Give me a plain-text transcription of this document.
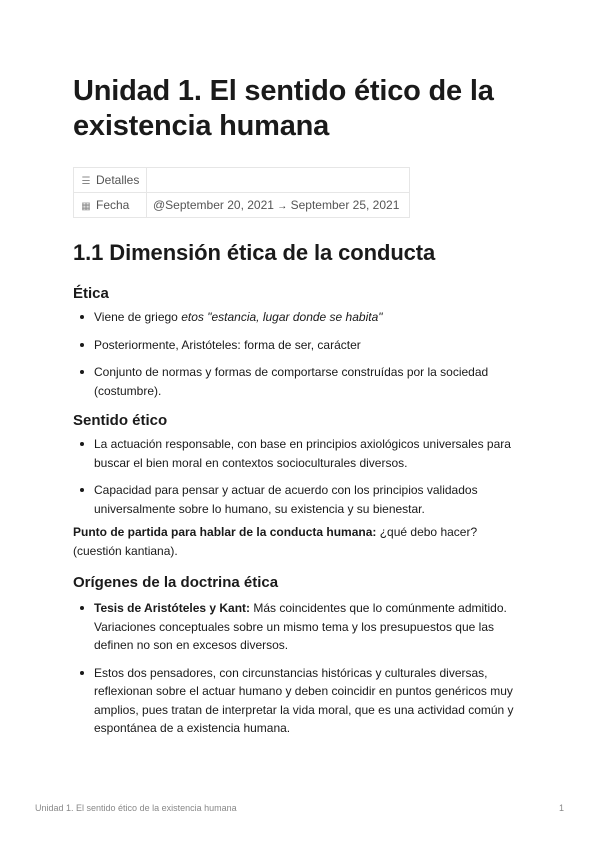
Unidad 1. El sentido ético de la existencia humana
☰ Detalles	
▦ Fecha	@September 20, 2021 → September 25, 2021
1.1 Dimensión ética de la conducta
Ética
Viene de griego etos "estancia, lugar donde se habita"
Posteriormente, Aristóteles: forma de ser, carácter
Conjunto de normas y formas de comportarse construídas por la sociedad (costumbre).
Sentido ético
La actuación responsable, con base en principios axiológicos universales para buscar el bien moral en contextos socioculturales diversos.
Capacidad para pensar y actuar de acuerdo con los principios validados universalmente sobre lo humano, su existencia y su bienestar.

Punto de partida para hablar de la conducta humana: ¿qué debo hacer? (cuestión kantiana).

Orígenes de la doctrina ética
Tesis de Aristóteles y Kant: Más coincidentes que lo comúnmente admitido. Variaciones conceptuales sobre un mismo tema y los presupuestos que las definen no son en excesos diversos.
Estos dos pensadores, con circunstancias históricas y culturales diversas, reflexionan sobre el actuar humano y deben coincidir en puntos genéricos muy amplios, pues tratan de interpretar la vida moral, que es una actividad común y espontánea de a existencia humana.
Unidad 1. El sentido ético de la existencia humana	1
